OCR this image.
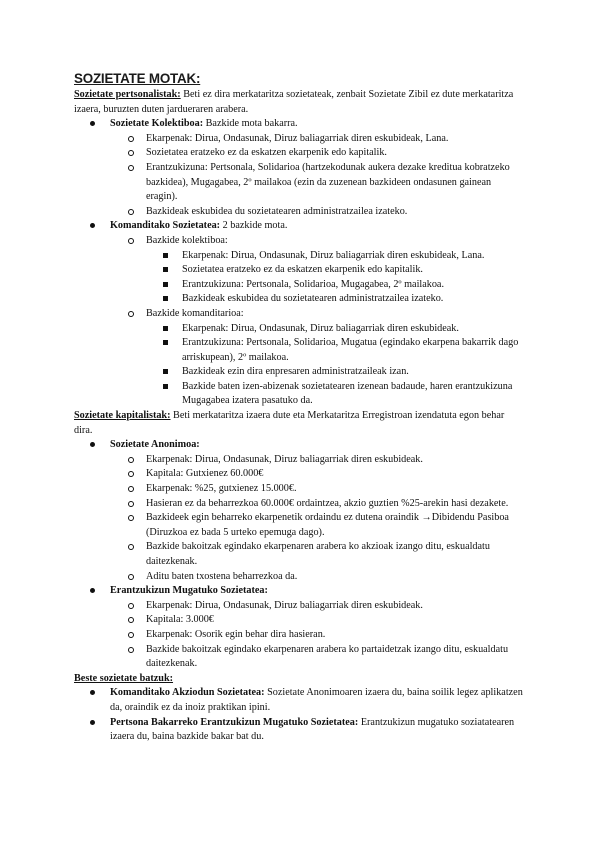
SOZIETATE MOTAK:

Sozietate pertsonalistak: Beti ez dira merkataritza sozietateak, zenbait Sozietate Zibil ez dute merkataritza izaera, buruzten duten jardueraren arabera.

Sozietate Kolektiboa: Bazkide mota bakarra.
Ekarpenak: Dirua, Ondasunak, Diruz baliagarriak diren eskubideak, Lana.
Sozietatea eratzeko ez da eskatzen ekarpenik edo kapitalik.
Erantzukizuna: Pertsonala, Solidarioa (hartzekodunak aukera dezake kreditua kobratzeko bazkidea), Mugagabea, 2º mailakoa (ezin da zuzenean bazkideen ondasunen gainean eragin).
Bazkideak eskubidea du sozietatearen administratzailea izateko.
Komanditako Sozietatea: 2 bazkide mota.
Bazkide kolektiboa:
Ekarpenak: Dirua, Ondasunak, Diruz baliagarriak diren eskubideak, Lana.
Sozietatea eratzeko ez da eskatzen ekarpenik edo kapitalik.
Erantzukizuna: Pertsonala, Solidarioa, Mugagabea, 2º mailakoa.
Bazkideak eskubidea du sozietatearen administratzailea izateko.
Bazkide komanditarioa:
Ekarpenak: Dirua, Ondasunak, Diruz baliagarriak diren eskubideak.
Erantzukizuna: Pertsonala, Solidarioa, Mugatua (egindako ekarpena bakarrik dago arriskupean), 2º mailakoa.
Bazkideak ezin dira enpresaren administratzaileak izan.
Bazkide baten izen-abizenak sozietatearen izenean badaude, haren erantzukizuna Mugagabea izatera pasatuko da.

Sozietate kapitalistak: Beti merkataritza izaera dute eta Merkataritza Erregistroan izendatuta egon behar dira.

Sozietate Anonimoa:
Ekarpenak: Dirua, Ondasunak, Diruz baliagarriak diren eskubideak.
Kapitala: Gutxienez 60.000€
Ekarpenak: %25, gutxienez 15.000€.
Hasieran ez da beharrezkoa 60.000€ ordaintzea, akzio guztien %25-arekin hasi dezakete.
Bazkideek egin beharreko ekarpenetik ordaindu ez dutena oraindik →Dibidendu Pasiboa (Diruzkoa ez bada 5 urteko epemuga dago).
Bazkide bakoitzak egindako ekarpenaren arabera ko akzioak izango ditu, eskualdatu daitezkenak.
Aditu baten txostena beharrezkoa da.
Erantzukizun Mugatuko Sozietatea:
Ekarpenak: Dirua, Ondasunak, Diruz baliagarriak diren eskubideak.
Kapitala: 3.000€
Ekarpenak: Osorik egin behar dira hasieran.
Bazkide bakoitzak egindako ekarpenaren arabera ko partaidetzak izango ditu, eskualdatu daitezkenak.

Beste sozietate batzuk:

Komanditako Akziodun Sozietatea: Sozietate Anonimoaren izaera du, baina soilik legez aplikatzen da, oraindik ez da inoiz praktikan ipini.
Pertsona Bakarreko Erantzukizun Mugatuko Sozietatea: Erantzukizun mugatuko soziatatearen izaera du, baina bazkide bakar bat du.
